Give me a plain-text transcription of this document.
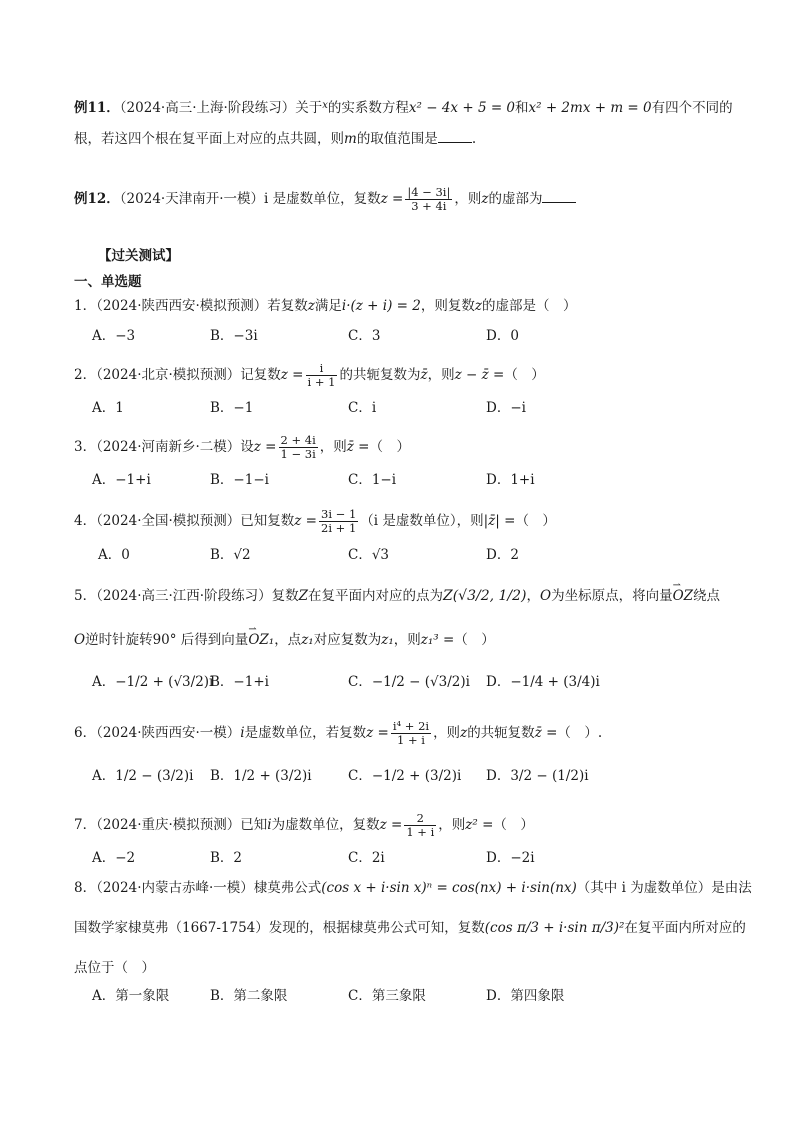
例11．（2024·高三·上海·阶段练习）关于$^x$的实系数方程x² − 4x + 5 = 0和x² + 2mx + m = 0有四个不同的
根，若这四个根在复平面上对应的点共圆，则m的取值范围是	.
例12．（2024·天津南开·一模）i 是虚数单位，复数$z = \frac{|4 - 3i|}{3 + 4i}$ ，则z的虚部为
【过关测试】
一、单选题
1．（2024·陕西西安·模拟预测）若复数z满足i·(z + i) = 2，则复数z的虚部是（　）
A．−3	B．−3i	C．3	D．0
2．（2024·北京·模拟预测）记复数$z = \frac{i}{i + 1}$ 的共轭复数为z̄，则z − z̄ =（　）
A．1	B．−1	C．i	D．−i
3．（2024·河南新乡·二模）设$z = \frac{2 + 4i}{1 - 3i}$ ，则z̄ =（　）
A．−1+i	B．−1−i	C．1−i	D．1+i
4．（2024·全国·模拟预测）已知复数$z = \frac{3i - 1}{2i + 1} (i$ 是虚数单位），则|z̄| =（　）
A．0	B．√2	C．√3	D．2
5．（2024·高三·江西·阶段练习）复数Z在复平面内对应的点为Z(√3/2, 1/2)，O为坐标原点，将向量⇀ OZ绕点
O逆时针旋转90° 后得到向量⇀ OZ₁，点z₁对应复数为z₁，则z₁³ =（　）
A．−1/2 + (√3/2)i
B．−1+i	C．−1/2 − (√3/2)i D．−1/4 + (3/4)i
6．（2024·陕西西安·一模）i是虚数单位，若复数$z = \frac{\text{i⁴ + 2i}}{1 + i}$ ，则z的共轭复数z̄ =（　）.
A．1/2 − (3/2)i B．1/2 + (3/2)i	C．−1/2 + (3/2)i D．3/2 − (1/2)i
7．（2024·重庆·模拟预测）已知i为虚数单位，复数$z = \frac{2}{1 + i}$ ，则z² =（　）
A．−2	B．2	C．2i	D．−2i
8．（2024·内蒙古赤峰·一模）棣莫弗公式(cos x + i·sin x)ⁿ = cos(nx) + i·sin(nx)（其中 i 为虚数单位）是由法
国数学家棣莫弗（1667-1754）发现的，根据棣莫弗公式可知，复数(cos π/3 + i·sin π/3)²在复平面内所对应的
点位于（　）
A．第一象限	B．第二象限	C．第三象限	D．第四象限
